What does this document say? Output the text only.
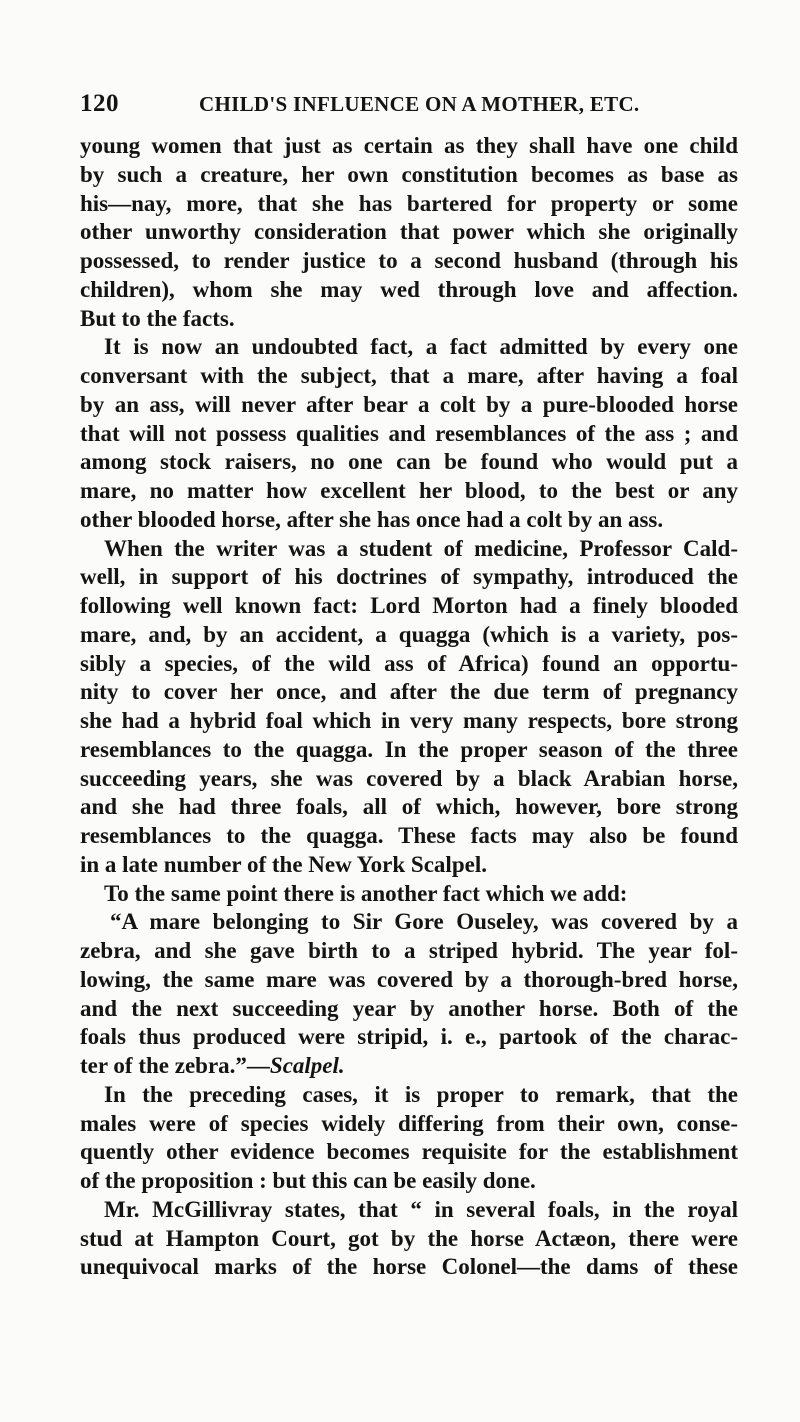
120	CHILD'S INFLUENCE ON A MOTHER, ETC.
young women that just as certain as they shall have one child
by such a creature, her own constitution becomes as base as
his—nay, more, that she has bartered for property or some
other unworthy consideration that power which she originally
possessed, to render justice to a second husband (through his
children), whom she may wed through love and affection.
But to the facts.
It is now an undoubted fact, a fact admitted by every one
conversant with the subject, that a mare, after having a foal
by an ass, will never after bear a colt by a pure-blooded horse
that will not possess qualities and resemblances of the ass ; and
among stock raisers, no one can be found who would put a
mare, no matter how excellent her blood, to the best or any
other blooded horse, after she has once had a colt by an ass.
When the writer was a student of medicine, Professor Cald-
well, in support of his doctrines of sympathy, introduced the
following well known fact: Lord Morton had a finely blooded
mare, and, by an accident, a quagga (which is a variety, pos-
sibly a species, of the wild ass of Africa) found an opportu-
nity to cover her once, and after the due term of pregnancy
she had a hybrid foal which in very many respects, bore strong
resemblances to the quagga. In the proper season of the three
succeeding years, she was covered by a black Arabian horse,
and she had three foals, all of which, however, bore strong
resemblances to the quagga. These facts may also be found
in a late number of the New York Scalpel.
To the same point there is another fact which we add:
“A mare belonging to Sir Gore Ouseley, was covered by a
zebra, and she gave birth to a striped hybrid. The year fol-
lowing, the same mare was covered by a thorough-bred horse,
and the next succeeding year by another horse. Both of the
foals thus produced were stripid, i. e., partook of the charac-
ter of the zebra.”—Scalpel.
In the preceding cases, it is proper to remark, that the
males were of species widely differing from their own, conse-
quently other evidence becomes requisite for the establishment
of the proposition : but this can be easily done.
Mr. McGillivray states, that “ in several foals, in the royal
stud at Hampton Court, got by the horse Actæon, there were
unequivocal marks of the horse Colonel—the dams of these
